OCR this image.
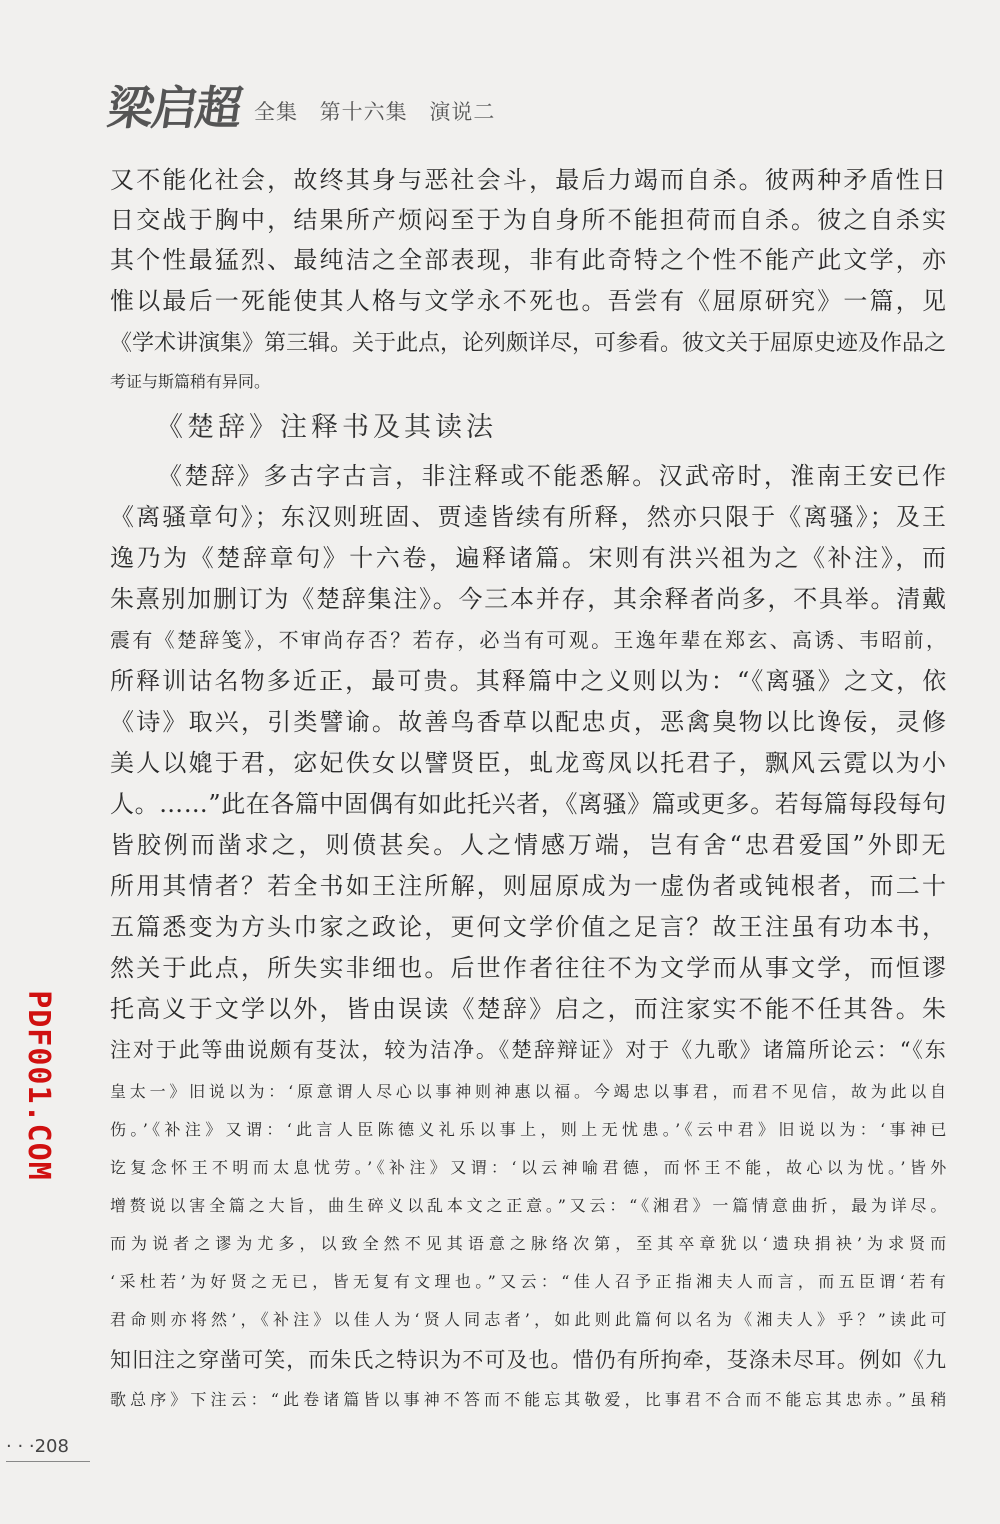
梁启超 全集 第十六集 演说二
又不能化社会，故终其身与恶社会斗，最后力竭而自杀。彼两种矛盾性日
日交战于胸中，结果所产烦闷至于为自身所不能担荷而自杀。彼之自杀实
其个性最猛烈、最纯洁之全部表现，非有此奇特之个性不能产此文学，亦
惟以最后一死能使其人格与文学永不死也。吾尝有《屈原研究》一篇，见
《学术讲演集》第三辑。关于此点，论列颇详尽，可参看。彼文关于屈原史迹及作品之
考证与斯篇稍有异同。
《楚辞》注释书及其读法
《楚辞》多古字古言，非注释或不能悉解。汉武帝时，淮南王安已作
《离骚章句》；东汉则班固、贾逵皆续有所释，然亦只限于《离骚》；及王
逸乃为《楚辞章句》十六卷，遍释诸篇。宋则有洪兴祖为之《补注》，而
朱熹别加删订为《楚辞集注》。今三本并存，其余释者尚多，不具举。清戴
震有《楚辞笺》，不审尚存否？若存，必当有可观。王逸年辈在郑玄、高诱、韦昭前，
所释训诂名物多近正，最可贵。其释篇中之义则以为：“《离骚》之文，依
《诗》取兴，引类譬谕。故善鸟香草以配忠贞，恶禽臭物以比谗佞，灵修
美人以媲于君，宓妃佚女以譬贤臣，虬龙鸾凤以托君子，飘风云霓以为小
人。……”此在各篇中固偶有如此托兴者，《离骚》篇或更多。若每篇每段每句
皆胶例而凿求之，则偾甚矣。人之情感万端，岂有舍“忠君爱国”外即无
所用其情者？若全书如王注所解，则屈原成为一虚伪者或钝根者，而二十
五篇悉变为方头巾家之政论，更何文学价值之足言？故王注虽有功本书，
然关于此点，所失实非细也。后世作者往往不为文学而从事文学，而恒谬
托高义于文学以外，皆由误读《楚辞》启之，而注家实不能不任其咎。朱
注对于此等曲说颇有芟汰，较为洁净。《楚辞辩证》对于《九歌》诸篇所论云：“《东
皇太一》旧说以为：‘原意谓人尽心以事神则神惠以福。今竭忠以事君，而君不见信，故为此以自
伤。’《补注》又谓：‘此言人臣陈德义礼乐以事上，则上无忧患。’《云中君》旧说以为：‘事神已
讫复念怀王不明而太息忧劳。’《补注》又谓：‘以云神喻君德，而怀王不能，故心以为忧。’皆外
增赘说以害全篇之大旨，曲生碎义以乱本文之正意。”又云：“《湘君》一篇情意曲折，最为详尽。
而为说者之谬为尤多，以致全然不见其语意之脉络次第，至其卒章犹以‘遗玦捐袂’为求贤而
‘采杜若’为好贤之无已，皆无复有文理也。”又云：“佳人召予正指湘夫人而言，而五臣谓‘若有
君命则亦将然’，《补注》以佳人为‘贤人同志者’，如此则此篇何以名为《湘夫人》乎？”读此可
知旧注之穿凿可笑，而朱氏之特识为不可及也。惜仍有所拘牵，芟涤未尽耳。例如《九
歌总序》下注云：“此卷诸篇皆以事神不答而不能忘其敬爱，比事君不合而不能忘其忠赤。”虽稍
PDF001.COM
· · ·208
